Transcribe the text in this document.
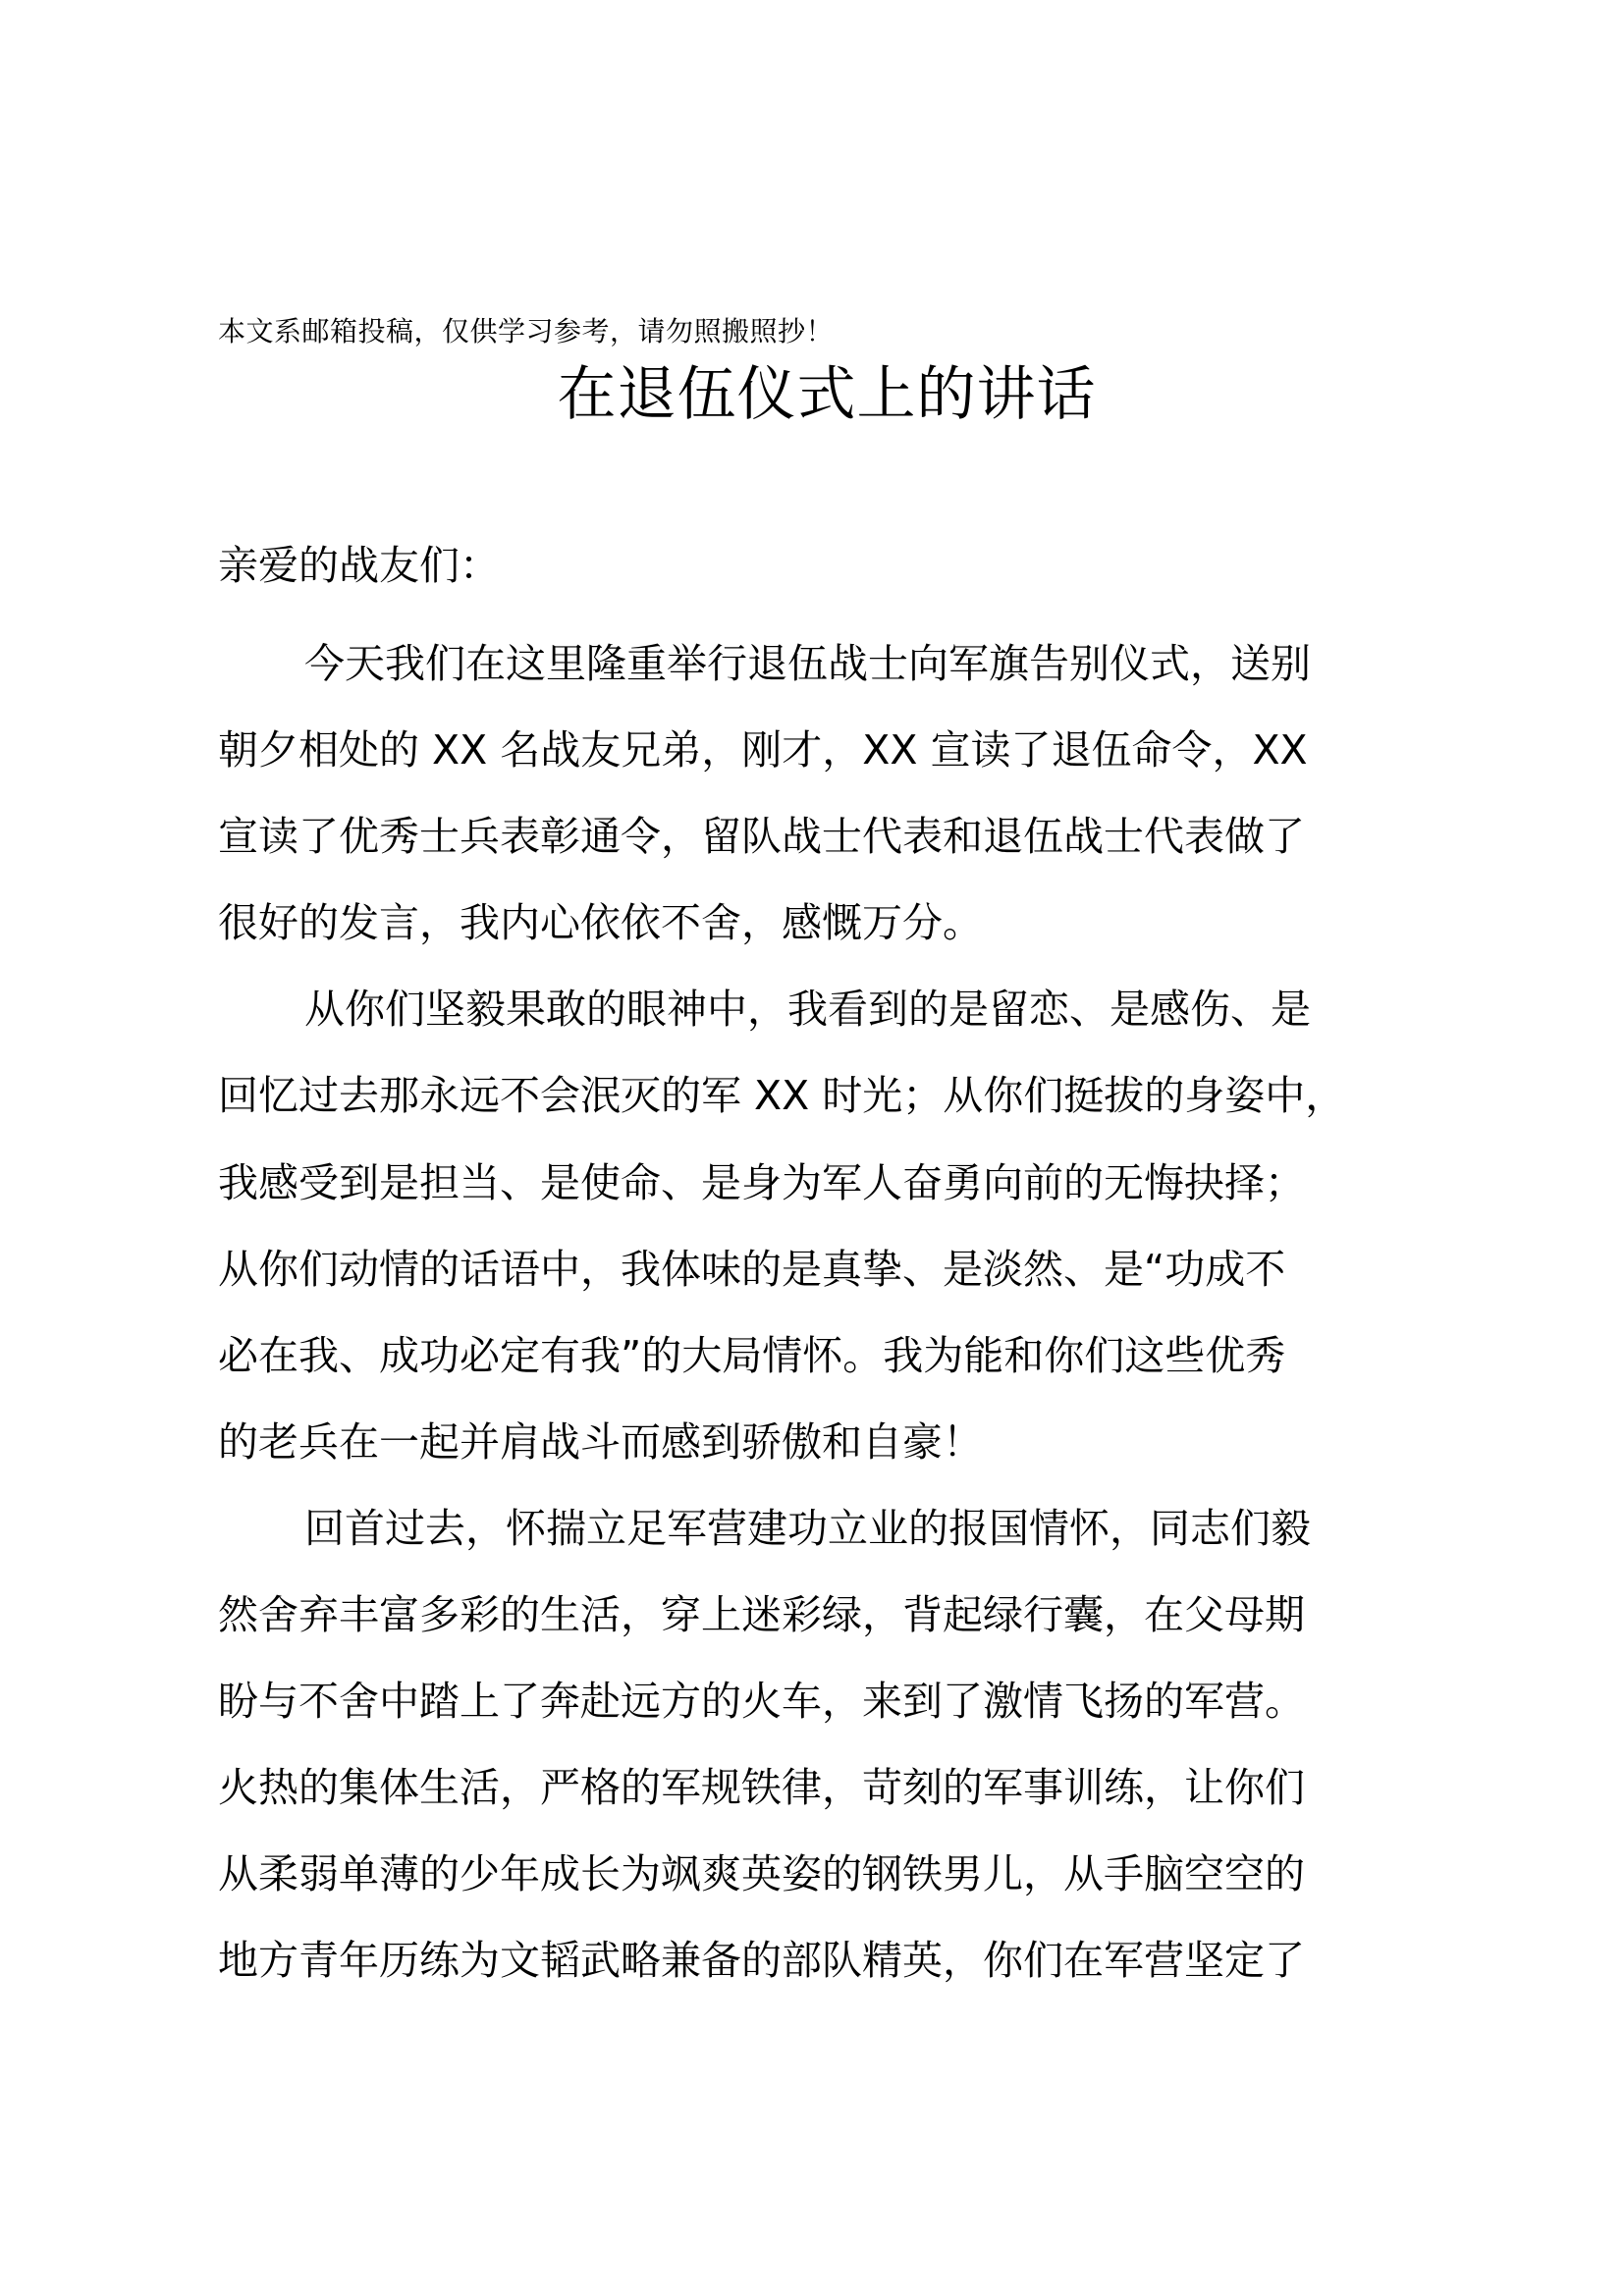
本文系邮箱投稿，仅供学习参考，请勿照搬照抄！
在退伍仪式上的讲话
亲爱的战友们：
今天我们在这里隆重举行退伍战士向军旗告别仪式，送别
朝夕相处的 XX 名战友兄弟，刚才，XX 宣读了退伍命令，XX
宣读了优秀士兵表彰通令，留队战士代表和退伍战士代表做了
很好的发言，我内心依依不舍，感慨万分。
从你们坚毅果敢的眼神中，我看到的是留恋、是感伤、是
回忆过去那永远不会泯灭的军 XX 时光；从你们挺拔的身姿中，
我感受到是担当、是使命、是身为军人奋勇向前的无悔抉择；
从你们动情的话语中，我体味的是真挚、是淡然、是“功成不
必在我、成功必定有我”的大局情怀。我为能和你们这些优秀
的老兵在一起并肩战斗而感到骄傲和自豪！
回首过去，怀揣立足军营建功立业的报国情怀，同志们毅
然舍弃丰富多彩的生活，穿上迷彩绿，背起绿行囊，在父母期
盼与不舍中踏上了奔赴远方的火车，来到了激情飞扬的军营。
火热的集体生活，严格的军规铁律，苛刻的军事训练，让你们
从柔弱单薄的少年成长为飒爽英姿的钢铁男儿，从手脑空空的
地方青年历练为文韬武略兼备的部队精英，你们在军营坚定了
